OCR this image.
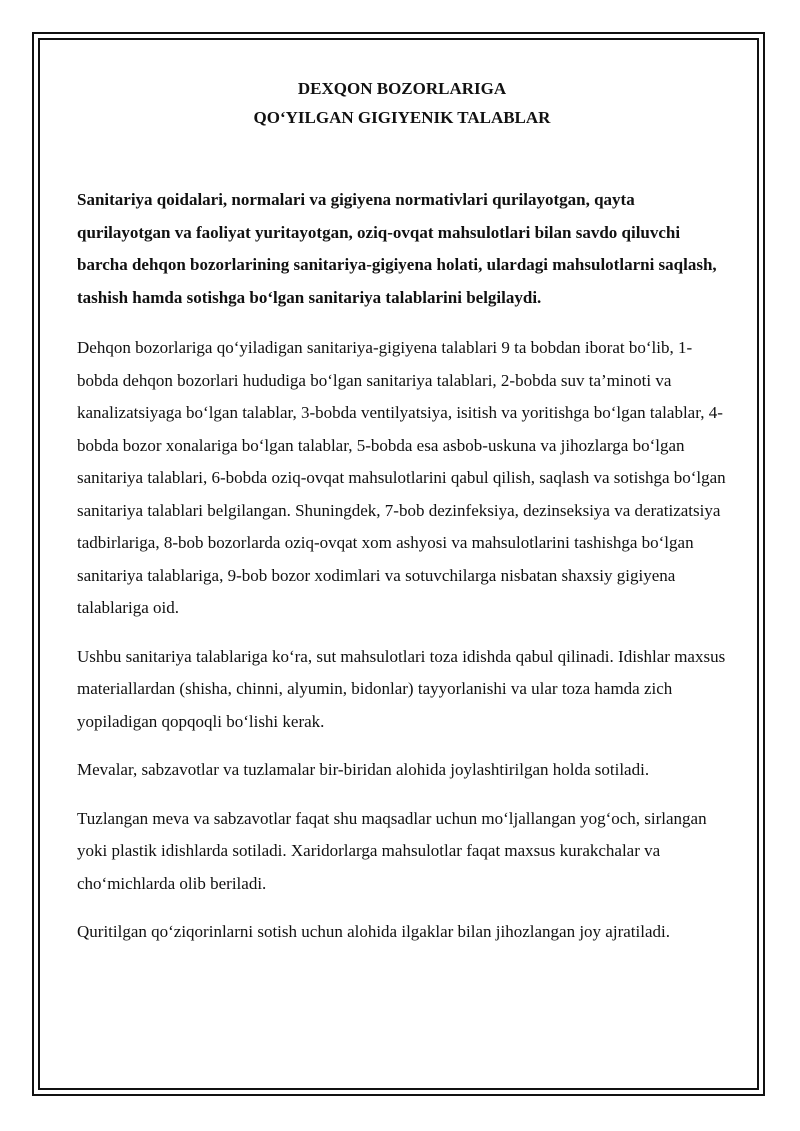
DEXQON BOZORLARIGA
QO‘YILGAN GIGIYENIK TALABLAR

Sanitariya qoidalari, normalari va gigiyena normativlari qurilayotgan, qayta qurilayotgan va faoliyat yuritayotgan, oziq-ovqat mahsulotlari bilan savdo qiluvchi barcha dehqon bozorlarining sanitariya-gigiyena holati, ulardagi mahsulotlarni saqlash, tashish hamda sotishga bo‘lgan sanitariya talablarini belgilaydi.

Dehqon bozorlariga qo‘yiladigan sanitariya-gigiyena talablari 9 ta bobdan iborat bo‘lib, 1-bobda dehqon bozorlari hududiga bo‘lgan sanitariya talablari, 2-bobda suv ta’minoti va kanalizatsiyaga bo‘lgan talablar, 3-bobda ventilyatsiya, isitish va yoritishga bo‘lgan talablar, 4-bobda bozor xonalariga bo‘lgan talablar, 5-bobda esa asbob-uskuna va jihozlarga bo‘lgan sanitariya talablari, 6-bobda oziq-ovqat mahsulotlarini qabul qilish, saqlash va sotishga bo‘lgan sanitariya talablari belgilangan. Shuningdek, 7-bob dezinfeksiya, dezinseksiya va deratizatsiya tadbirlariga, 8-bob bozorlarda oziq-ovqat xom ashyosi va mahsulotlarini tashishga bo‘lgan sanitariya talablariga, 9-bob bozor xodimlari va sotuvchilarga nisbatan shaxsiy gigiyena talablariga oid.

Ushbu sanitariya talablariga ko‘ra, sut mahsulotlari toza idishda qabul qilinadi. Idishlar maxsus materiallardan (shisha, chinni, alyumin, bidonlar) tayyorlanishi va ular toza hamda zich yopiladigan qopqoqli bo‘lishi kerak.

Mevalar, sabzavotlar va tuzlamalar bir-biridan alohida joylashtirilgan holda sotiladi.

Tuzlangan meva va sabzavotlar faqat shu maqsadlar uchun mo‘ljallangan yog‘och, sirlangan yoki plastik idishlarda sotiladi. Xaridorlarga mahsulotlar faqat maxsus kurakchalar va cho‘michlarda olib beriladi.

Quritilgan qo‘ziqorinlarni sotish uchun alohida ilgaklar bilan jihozlangan joy ajratiladi.
